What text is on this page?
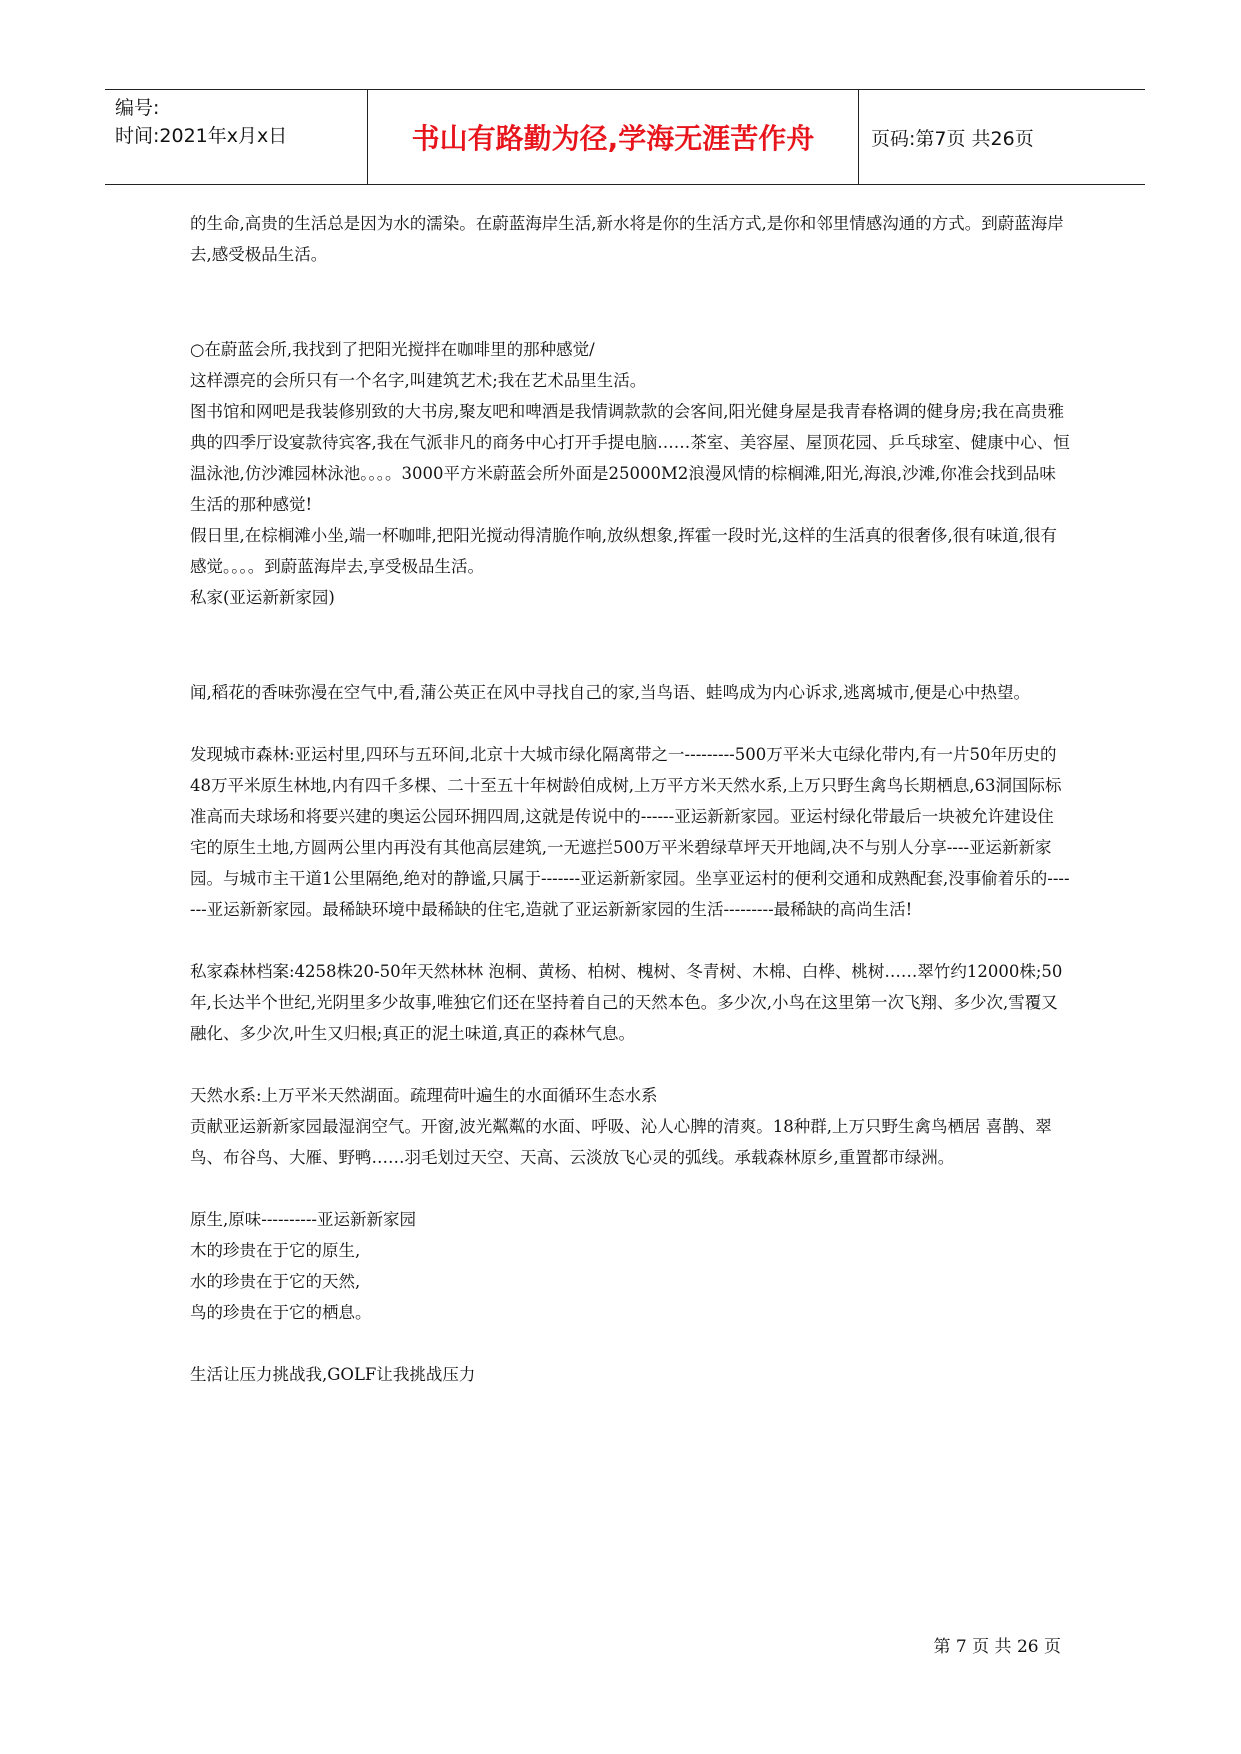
编号:
时间:2021年x月x日	书山有路勤为径,学海无涯苦作舟	页码:第7页 共26页

的生命,高贵的生活总是因为水的濡染。在蔚蓝海岸生活,新水将是你的生活方式,是你和邻里情感沟通的方式。到蔚蓝海岸去,感受极品生活。

○在蔚蓝会所,我找到了把阳光搅拌在咖啡里的那种感觉/

这样漂亮的会所只有一个名字,叫建筑艺术;我在艺术品里生活。

图书馆和网吧是我装修别致的大书房,聚友吧和啤酒是我情调款款的会客间,阳光健身屋是我青春格调的健身房;我在高贵雅典的四季厅设宴款待宾客,我在气派非凡的商务中心打开手提电脑……茶室、美容屋、屋顶花园、乒乓球室、健康中心、恒温泳池,仿沙滩园林泳池。。。。3000平方米蔚蓝会所外面是25000M2浪漫风情的棕榈滩,阳光,海浪,沙滩,你准会找到品味生活的那种感觉!

假日里,在棕榈滩小坐,端一杯咖啡,把阳光搅动得清脆作响,放纵想象,挥霍一段时光,这样的生活真的很奢侈,很有味道,很有感觉。。。。到蔚蓝海岸去,享受极品生活。

私家(亚运新新家园)

闻,稻花的香味弥漫在空气中,看,蒲公英正在风中寻找自己的家,当鸟语、蛙鸣成为内心诉求,逃离城市,便是心中热望。

发现城市森林:亚运村里,四环与五环间,北京十大城市绿化隔离带之一---------500万平米大屯绿化带内,有一片50年历史的48万平米原生林地,内有四千多棵、二十至五十年树龄伯成树,上万平方米天然水系,上万只野生禽鸟长期栖息,63洞国际标准高而夫球场和将要兴建的奥运公园环拥四周,这就是传说中的------亚运新新家园。亚运村绿化带最后一块被允许建设住宅的原生土地,方圆两公里内再没有其他高层建筑,一无遮拦500万平米碧绿草坪天开地阔,决不与别人分享----亚运新新家园。与城市主干道1公里隔绝,绝对的静谧,只属于-------亚运新新家园。坐享亚运村的便利交通和成熟配套,没事偷着乐的-------亚运新新家园。最稀缺环境中最稀缺的住宅,造就了亚运新新家园的生活---------最稀缺的高尚生活!

私家森林档案:4258株20-50年天然林林 泡桐、黄杨、柏树、槐树、冬青树、木棉、白桦、桃树……翠竹约12000株;50年,长达半个世纪,光阴里多少故事,唯独它们还在坚持着自己的天然本色。多少次,小鸟在这里第一次飞翔、多少次,雪覆又融化、多少次,叶生又归根;真正的泥土味道,真正的森林气息。

天然水系:上万平米天然湖面。疏理荷叶遍生的水面循环生态水系

贡献亚运新新家园最湿润空气。开窗,波光粼粼的水面、呼吸、沁人心脾的清爽。18种群,上万只野生禽鸟栖居 喜鹊、翠鸟、布谷鸟、大雁、野鸭……羽毛划过天空、天高、云淡放飞心灵的弧线。承载森林原乡,重置都市绿洲。

原生,原味----------亚运新新家园

木的珍贵在于它的原生,

水的珍贵在于它的天然,

鸟的珍贵在于它的栖息。

生活让压力挑战我,GOLF让我挑战压力

第 7 页 共 26 页
